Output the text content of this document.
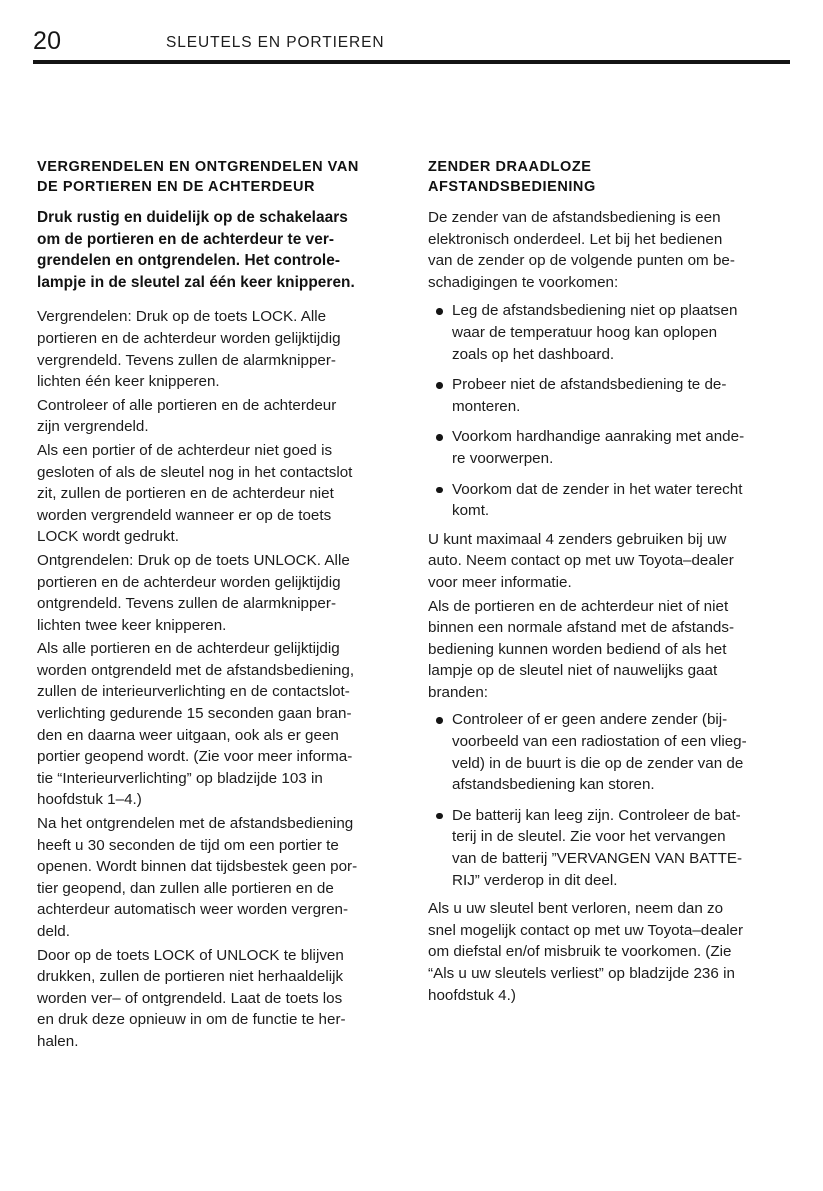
20	SLEUTELS EN PORTIEREN
VERGRENDELEN EN ONTGRENDELEN VAN
DE PORTIEREN EN DE ACHTERDEUR

Druk rustig en duidelijk op de schakelaars
om de portieren en de achterdeur te ver-
grendelen en ontgrendelen. Het controle-
lampje in de sleutel zal één keer knipperen.

Vergrendelen: Druk op de toets LOCK. Alle
portieren en de achterdeur worden gelijktijdig
vergrendeld. Tevens zullen de alarmknipper-
lichten één keer knipperen.

Controleer of alle portieren en de achterdeur
zijn vergrendeld.

Als een portier of de achterdeur niet goed is
gesloten of als de sleutel nog in het contactslot
zit, zullen de portieren en de achterdeur niet
worden vergrendeld wanneer er op de toets
LOCK wordt gedrukt.

Ontgrendelen: Druk op de toets UNLOCK. Alle
portieren en de achterdeur worden gelijktijdig
ontgrendeld. Tevens zullen de alarmknipper-
lichten twee keer knipperen.

Als alle portieren en de achterdeur gelijktijdig
worden ontgrendeld met de afstandsbediening,
zullen de interieurverlichting en de contactslot-
verlichting gedurende 15 seconden gaan bran-
den en daarna weer uitgaan, ook als er geen
portier geopend wordt. (Zie voor meer informa-
tie “Interieurverlichting” op bladzijde 103 in
hoofdstuk 1–4.)

Na het ontgrendelen met de afstandsbediening
heeft u 30 seconden de tijd om een portier te
openen. Wordt binnen dat tijdsbestek geen por-
tier geopend, dan zullen alle portieren en de
achterdeur automatisch weer worden vergren-
deld.

Door op de toets LOCK of UNLOCK te blijven
drukken, zullen de portieren niet herhaaldelijk
worden ver– of ontgrendeld. Laat de toets los
en druk deze opnieuw in om de functie te her-
halen.

ZENDER DRAADLOZE
AFSTANDSBEDIENING

De zender van de afstandsbediening is een
elektronisch onderdeel. Let bij het bedienen
van de zender op de volgende punten om be-
schadigingen te voorkomen:

Leg de afstandsbediening niet op plaatsen
waar de temperatuur hoog kan oplopen
zoals op het dashboard.
Probeer niet de afstandsbediening te de-
monteren.
Voorkom hardhandige aanraking met ande-
re voorwerpen.
Voorkom dat de zender in het water terecht
komt.

U kunt maximaal 4 zenders gebruiken bij uw
auto. Neem contact op met uw Toyota–dealer
voor meer informatie.

Als de portieren en de achterdeur niet of niet
binnen een normale afstand met de afstands-
bediening kunnen worden bediend of als het
lampje op de sleutel niet of nauwelijks gaat
branden:

Controleer of er geen andere zender (bij-
voorbeeld van een radiostation of een vlieg-
veld) in de buurt is die op de zender van de
afstandsbediening kan storen.
De batterij kan leeg zijn. Controleer de bat-
terij in de sleutel. Zie voor het vervangen
van de batterij ”VERVANGEN VAN BATTE-
RIJ” verderop in dit deel.

Als u uw sleutel bent verloren, neem dan zo
snel mogelijk contact op met uw Toyota–dealer
om diefstal en/of misbruik te voorkomen. (Zie
“Als u uw sleutels verliest” op bladzijde 236 in
hoofdstuk 4.)
